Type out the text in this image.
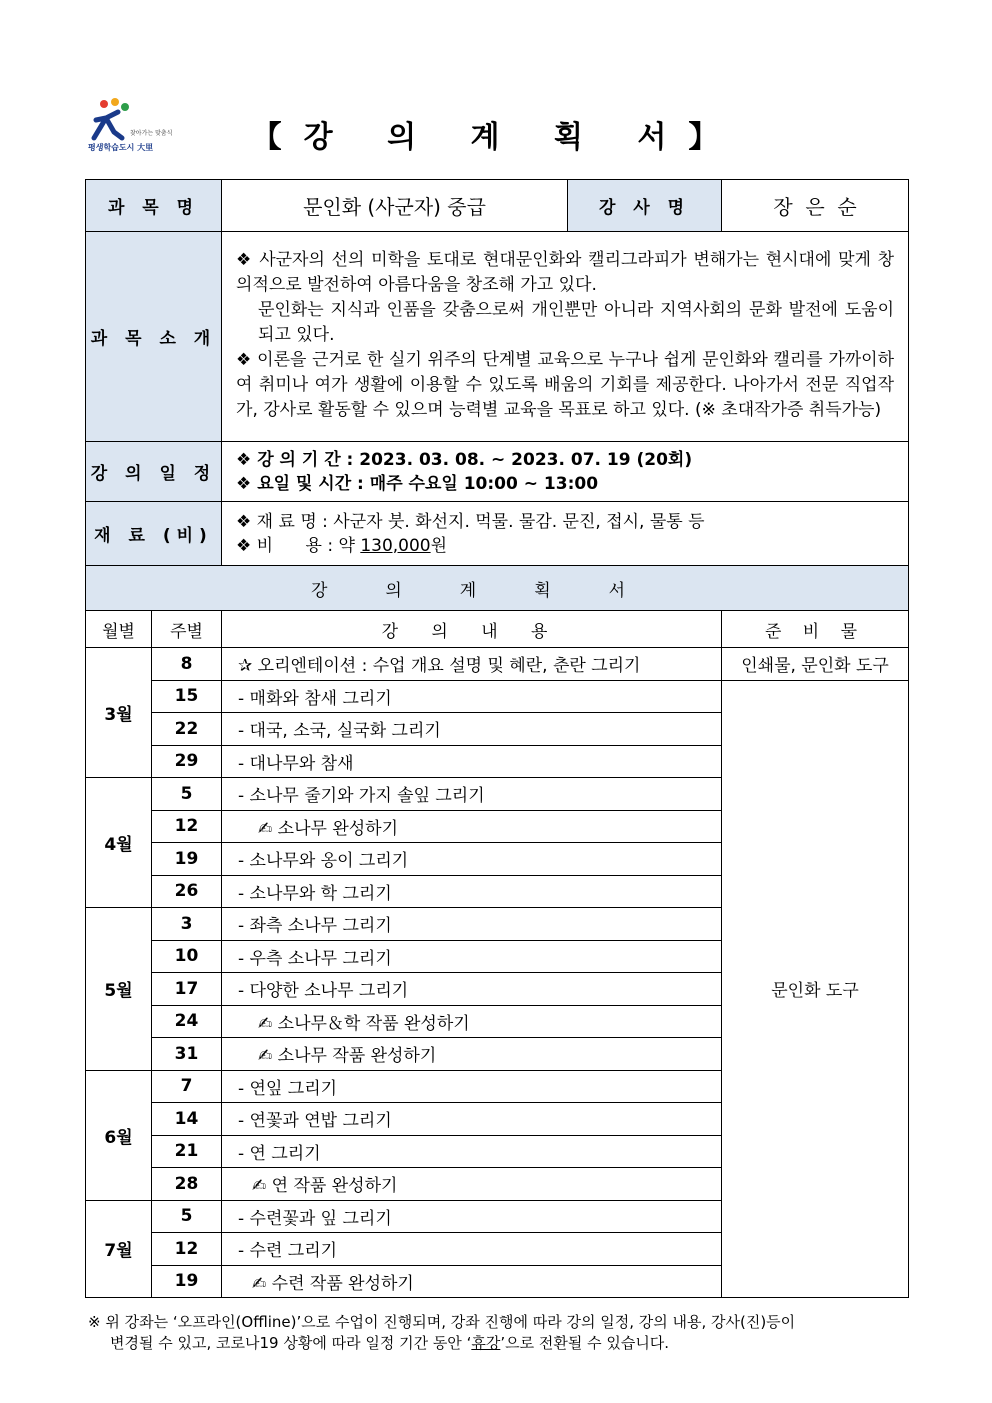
찾아가는 맞춤식
평생학습도시 大里	【강 의 계 획 서】
과 목 명		문인화 (사군자) 중급	강 사 명	장  은  순
과 목 소 개		❖ 사군자의 선의 미학을 토대로 현대문인화와 캘리그라피가 변해가는 현시대에 맞게 창의적으로 발전하여 아름다움을 창조해 가고 있다.

문인화는 지식과 인품을 갖춤으로써 개인뿐만 아니라 지역사회의 문화 발전에 도움이 되고 있다.

❖ 이론을 근거로 한 실기 위주의 단계별 교육으로 누구나 쉽게 문인화와 캘리를 가까이하여 취미나 여가 생활에 이용할 수 있도록 배움의 기회를 제공한다. 나아가서 전문 직업작가, 강사로 활동할 수 있으며 능력별 교육을 목표로 하고 있다. (※ 초대작가증 취득가능)		

강 의 일 정		❖ 강 의 기 간 : 2023. 03. 08. ~ 2023. 07. 19 (20회)
❖ 요일 및 시간 : 매주 수요일 10:00 ~ 13:00		

재 료 (비)		❖ 재 료 명 : 사군자 붓. 화선지. 먹물. 물감. 문진, 접시, 물통 등
❖ 비      용 : 약 130,000원		

강의계획서				
월별	주별	강 의 내 용		준 비 물
3월	8	✰ 오리엔테이션 : 수업 개요 설명 및 혜란, 춘란 그리기		인쇄물, 문인화 도구
	15	- 매화와 참새 그리기		문인화 도구
	22	- 대국, 소국, 실국화 그리기		
	29	- 대나무와 참새		
4월	5	- 소나무 줄기와 가지 솔잎 그리기		
	12	✍ 소나무 완성하기		
	19	- 소나무와 옹이 그리기		
	26	- 소나무와 학 그리기		
5월	3	- 좌측 소나무 그리기		
	10	- 우측 소나무 그리기		
	17	- 다양한 소나무 그리기		
	24	✍ 소나무＆학 작품 완성하기		
	31	✍ 소나무 작품 완성하기		
6월	7	- 연잎 그리기		
	14	- 연꽃과 연밥 그리기		
	21	- 연 그리기		
	28	✍ 연 작품 완성하기		
7월	5	- 수련꽃과 잎 그리기		
	12	- 수련 그리기		
	19	✍ 수련 작품 완성하기		

※ 위 강좌는 ‘오프라인(Offline)’으로 수업이 진행되며, 강좌 진행에 따라 강의 일정, 강의 내용, 강사(진)등이

변경될 수 있고, 코로나19 상황에 따라 일정 기간 동안 ‘휴강’으로 전환될 수 있습니다.
